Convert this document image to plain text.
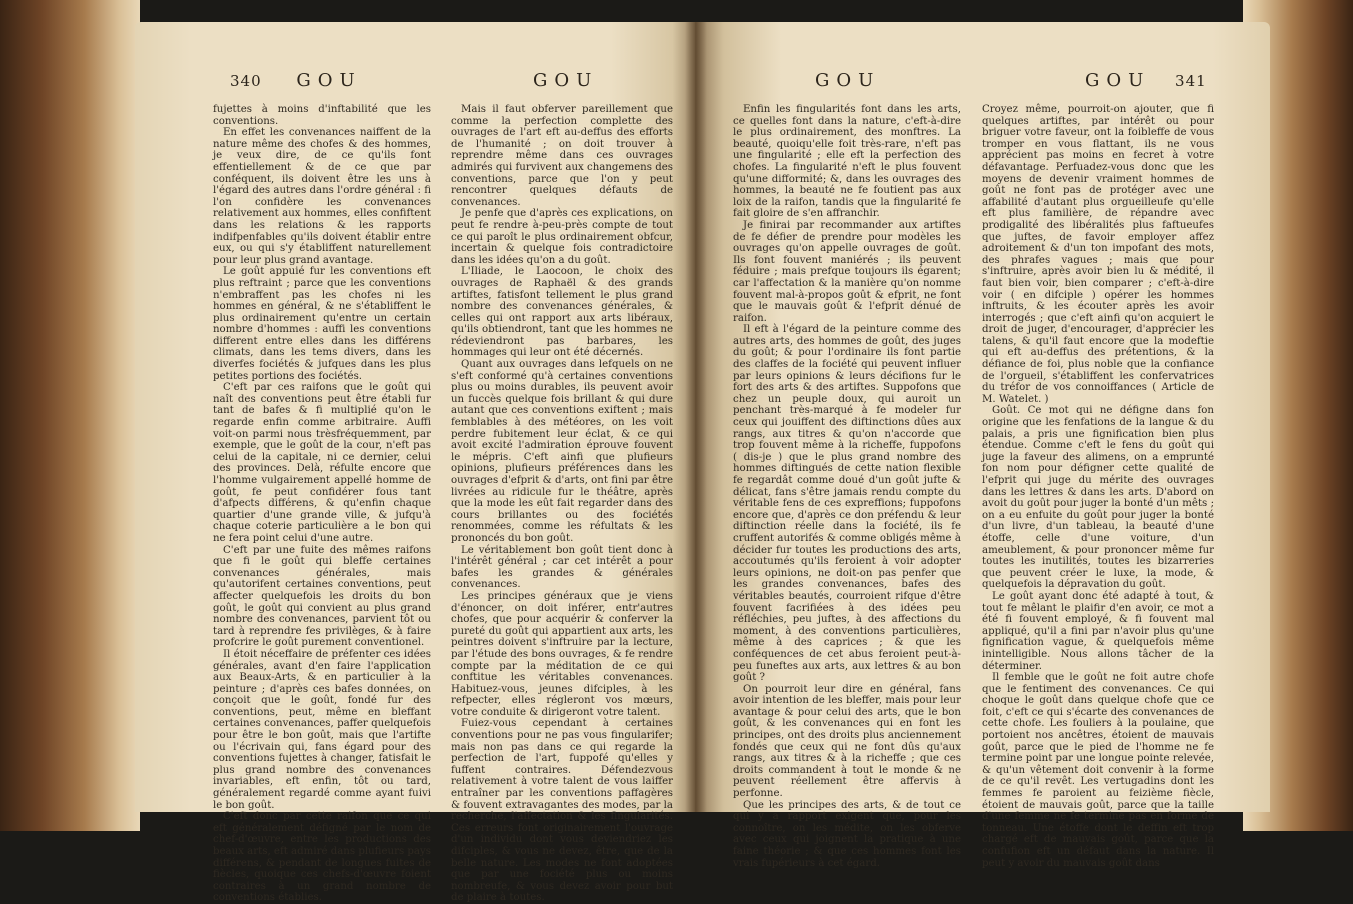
340 GOU	GOU

fujettes à moins d'inftabilité que les conventions.

En effet les convenances naiffent de la nature même des chofes & des hommes, je veux dire, de ce qu'ils font effentiellement & de ce que par conféquent, ils doivent être les uns à l'égard des autres dans l'ordre général : fi l'on confidère les convenances relativement aux hommes, elles confiftent dans les relations & les rapports indifpenfables qu'ils doivent établir entre eux, ou qui s'y établiffent naturellement pour leur plus grand avantage.

Le goût appuié fur les conventions eft plus reftraint ; parce que les conventions n'embraffent pas les chofes ni les hommes en général, & ne s'établiffent le plus ordinairement qu'entre un certain nombre d'hommes : auffi les conventions different entre elles dans les différens climats, dans les tems divers, dans les diverfes fociétés & jufques dans les plus petites portions des fociétés.

C'eft par ces raifons que le goût qui naît des conventions peut être établi fur tant de bafes & fi multiplié qu'on le regarde enfin comme arbitraire. Auffi voit-on parmi nous trèsfréquemment, par exemple, que le goût de la cour, n'eft pas celui de la capitale, ni ce dernier, celui des provinces. Delà, réfulte encore que l'homme vulgairement appellé homme de goût, fe peut confidérer fous tant d'afpects différens, & qu'enfin chaque quartier d'une grande ville, & jufqu'à chaque coterie particulière a le bon qui ne fera point celui d'une autre.

C'eft par une fuite des mêmes raifons que fi le goût qui bleffe certaines convenances générales, mais qu'autorifent certaines conventions, peut affecter quelquefois les droits du bon goût, le goût qui convient au plus grand nombre des convenances, parvient tôt ou tard à reprendre fes privilèges, & à faire profcrire le goût purement conventionel.

Il étoit néceffaire de préfenter ces idées générales, avant d'en faire l'application aux Beaux-Arts, & en particulier à la peinture ; d'après ces bafes données, on conçoit que le goût, fondé fur des conventions, peut, même en bleffant certaines convenances, paffer quelquefois pour être le bon goût, mais que l'artifte ou l'écrivain qui, fans égard pour des conventions fujettes à changer, fatisfait le plus grand nombre des convenances invariables, eft enfin, tôt ou tard, généralement regardé comme ayant fuivi le bon goût.

C'eft donc par cette raifon que ce qui eft généralement défigné par le nom de chef-d'œuvre, entre les productions des beaux arts, eft admiré dans plufieurs pays différens, & pendant de longues fuites de fiècles, quoique ces chefs-d'œuvre foient contraires à un grand nombre de conventions établies.

Mais il faut obferver pareillement que comme la perfection complette des ouvrages de l'art eft au-deffus des efforts de l'humanité ; on doit trouver à reprendre même dans ces ouvrages admirés qui furvivent aux changemens des conventions, parce que l'on y peut rencontrer quelques défauts de convenances.

Je penfe que d'après ces explications, on peut fe rendre à-peu-près compte de tout ce qui paroît le plus ordinairement obfcur, incertain & quelque fois contradictoire dans les idées qu'on a du goût.

L'Iliade, le Laocoon, le choix des ouvrages de Raphaël & des grands artiftes, fatisfont tellement le plus grand nombre des convenances générales, & celles qui ont rapport aux arts libéraux, qu'ils obtiendront, tant que les hommes ne rédeviendront pas barbares, les hommages qui leur ont été décernés.

Quant aux ouvrages dans lefquels on ne s'eft conformé qu'à certaines conventions plus ou moins durables, ils peuvent avoir un fuccès quelque fois brillant & qui dure autant que ces conventions exiftent ; mais femblables à des météores, on les voit perdre fubitement leur éclat, & ce qui avoit excité l'admiration éprouve fouvent le mépris. C'eft ainfi que plufieurs opinions, plufieurs préférences dans les ouvrages d'efprit & d'arts, ont fini par être livrées au ridicule fur le théâtre, après que la mode les eût fait regarder dans des cours brillantes ou des fociétés renommées, comme les réfultats & les prononcés du bon goût.

Le véritablement bon goût tient donc à l'intérêt général ; car cet intérêt a pour bafes les grandes & générales convenances.

Les principes généraux que je viens d'énoncer, on doit inférer, entr'autres chofes, que pour acquérir & conferver la pureté du goût qui appartient aux arts, les peintres doivent s'inftruire par la lecture, par l'étude des bons ouvrages, & fe rendre compte par la méditation de ce qui conftitue les véritables convenances. Habituez-vous, jeunes difciples, à les refpecter, elles régleront vos mœurs, votre conduite & dirigeront votre talent.

Fuiez-vous cependant à certaines conventions pour ne pas vous fingularifer; mais non pas dans ce qui regarde la perfection de l'art, fuppofé qu'elles y fuffent contraires. Défendezvous relativement à votre talent de vous laiffer entraîner par les conventions paffagères & fouvent extravagantes des modes, par la recherche, l'affectation & les fingularités. Ces erreurs font originairement l'ouvrage d'un individu dont vous deviendriez les difciples, & vous ne devez, être, que de la belle nature. Les modes ne font adoptées que par une fociété plus ou moins nombreufe, & vous devez avoir pour but de plaire à toutes.

GOU	GOU 341

Enfin les fingularités font dans les arts, ce quelles font dans la nature, c'eft-à-dire le plus ordinairement, des monftres. La beauté, quoiqu'elle foit très-rare, n'eft pas une fingularité ; elle eft la perfection des chofes. La fingularité n'eft le plus fouvent qu'une difformité; &, dans les ouvrages des hommes, la beauté ne fe foutient pas aux loix de la raifon, tandis que la fingularité fe fait gloire de s'en affranchir.

Je finirai par recommander aux artiftes de fe défier de prendre pour modèles les ouvrages qu'on appelle ouvrages de goût. Ils font fouvent maniérés ; ils peuvent féduire ; mais prefque toujours ils égarent; car l'affectation & la manière qu'on nomme fouvent mal-à-propos goût & efprit, ne font que le mauvais goût & l'efprit dénué de raifon.

Il eft à l'égard de la peinture comme des autres arts, des hommes de goût, des juges du goût; & pour l'ordinaire ils font partie des claffes de la fociété qui peuvent influer par leurs opinions & leurs décifions fur le fort des arts & des artiftes. Suppofons que chez un peuple doux, qui auroit un penchant très-marqué à fe modeler fur ceux qui jouiffent des diftinctions dûes aux rangs, aux titres & qu'on n'accorde que trop fouvent même à la richeffe, fuppofons ( dis-je ) que le plus grand nombre des hommes diftingués de cette nation flexible fe regardât comme doué d'un goût jufte & délicat, fans s'être jamais rendu compte du véritable fens de ces expreffions; fuppofons encore que, d'après ce don préfendu & leur diftinction réelle dans la fociété, ils fe cruffent autorifés & comme obligés même à décider fur toutes les productions des arts, accoutumés qu'ils feroient à voir adopter leurs opinions, ne doit-on pas penfer que les grandes convenances, bafes des véritables beautés, courroient rifque d'être fouvent facrifiées à des idées peu réfléchies, peu juftes, à des affections du moment, à des conventions particulières, même à des caprices ; & que les conféquences de cet abus feroient peut-à-peu funeftes aux arts, aux lettres & au bon goût ?

On pourroit leur dire en général, fans avoir intention de les bleffer, mais pour leur avantage & pour celui des arts, que le bon goût, & les convenances qui en font les principes, ont des droits plus anciennement fondés que ceux qui ne font dûs qu'aux rangs, aux titres & à la richeffe ; que ces droits commandent à tout le monde & ne peuvent réellement être affervis à perfonne.

Que les principes des arts, & de tout ce qui y a rapport exigent que, pour les connoître, on les médite, on les obferve avec ceux qui joignent la pratique à une faine théorie ; & que ces hommes font les vrais fupérieurs à cet égard.

Croyez même, pourroit-on ajouter, que fi quelques artiftes, par intérêt ou pour briguer votre faveur, ont la foibleffe de vous tromper en vous flattant, ils ne vous apprécient pas moins en fecret à votre défavantage. Perfuadez-vous donc que les moyens de devenir vraiment hommes de goût ne font pas de protéger avec une affabilité d'autant plus orgueilleufe qu'elle eft plus familière, de répandre avec prodigalité des libéralités plus faftueufes que juftes, de favoir employer affez adroitement & d'un ton impofant des mots, des phrafes vagues ; mais que pour s'inftruire, après avoir bien lu & médité, il faut bien voir, bien comparer ; c'eft-à-dire voir ( en difciple ) opérer les hommes inftruits, & les écouter après les avoir interrogés ; que c'eft ainfi qu'on acquiert le droit de juger, d'encourager, d'apprécier les talens, & qu'il faut encore que la modeftie qui eft au-deffus des prétentions, & la défiance de foi, plus noble que la confiance de l'orgueil, s'établiffent les confervatrices du tréfor de vos connoiffances ( Article de M. Watelet. )

Goût. Ce mot qui ne défigne dans fon origine que les fenfations de la langue & du palais, a pris une fignification bien plus étendue. Comme c'eft le fens du goût qui juge la faveur des alimens, on a emprunté fon nom pour défigner cette qualité de l'efprit qui juge du mérite des ouvrages dans les lettres & dans les arts. D'abord on avoit du goût pour juger la bonté d'un mêts ; on a eu enfuite du goût pour juger la bonté d'un livre, d'un tableau, la beauté d'une étoffe, celle d'une voiture, d'un ameublement, & pour prononcer même fur toutes les inutilités, toutes les bizarreries que peuvent créer le luxe, la mode, & quelquefois la dépravation du goût.

Le goût ayant donc été adapté à tout, & tout fe mêlant le plaifir d'en avoir, ce mot a été fi fouvent employé, & fi fouvent mal appliqué, qu'il a fini par n'avoir plus qu'une fignification vague, & quelquefois même inintelligible. Nous allons tâcher de la déterminer.

Il femble que le goût ne foit autre chofe que le fentiment des convenances. Ce qui choque le goût dans quelque chofe que ce foit, c'eft ce qui s'écarte des convenances de cette chofe. Les fouliers à la poulaine, que portoient nos ancêtres, étoient de mauvais goût, parce que le pied de l'homme ne fe termine point par une longue pointe relevée, & qu'un vêtement doit convenir à la forme de ce qu'il revêt. Les vertugadins dont les femmes fe paroient au feizième fiècle, étoient de mauvais goût, parce que la taille d'une femme ne fe termine pas en forme de tonneau. Une étoffe dont le deffin eft trop chargé eft de mauvais goût, parce que la confufion eft un défaut dans la nature. Il peut y avoir du mauvais goût dans
